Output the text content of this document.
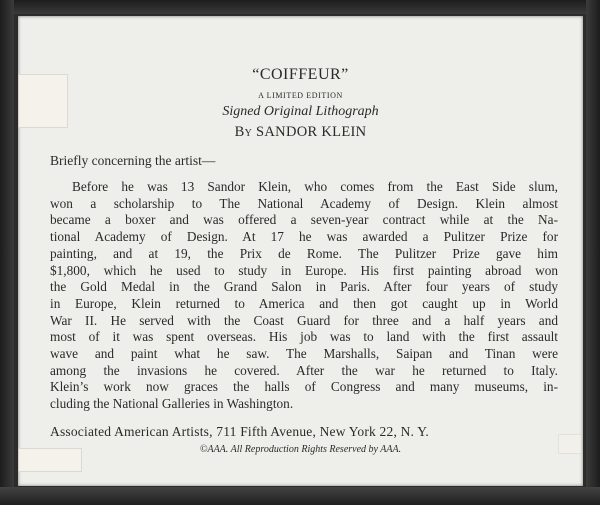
“COIFFEUR”
A LIMITED EDITION
Signed Original Lithograph
By SANDOR KLEIN
Briefly concerning the artist—
Before he was 13 Sandor Klein, who comes from the East Side slum,
won a scholarship to The National Academy of Design. Klein almost
became a boxer and was offered a seven-year contract while at the Na-
tional Academy of Design. At 17 he was awarded a Pulitzer Prize for
painting, and at 19, the Prix de Rome. The Pulitzer Prize gave him
$1,800, which he used to study in Europe. His first painting abroad won
the Gold Medal in the Grand Salon in Paris. After four years of study
in Europe, Klein returned to America and then got caught up in World
War II. He served with the Coast Guard for three and a half years and
most of it was spent overseas. His job was to land with the first assault
wave and paint what he saw. The Marshalls, Saipan and Tinan were
among the invasions he covered. After the war he returned to Italy.
Klein’s work now graces the halls of Congress and many museums, in-
cluding the National Galleries in Washington.
Associated American Artists, 711 Fifth Avenue, New York 22, N. Y.
©AAA. All Reproduction Rights Reserved by AAA.
